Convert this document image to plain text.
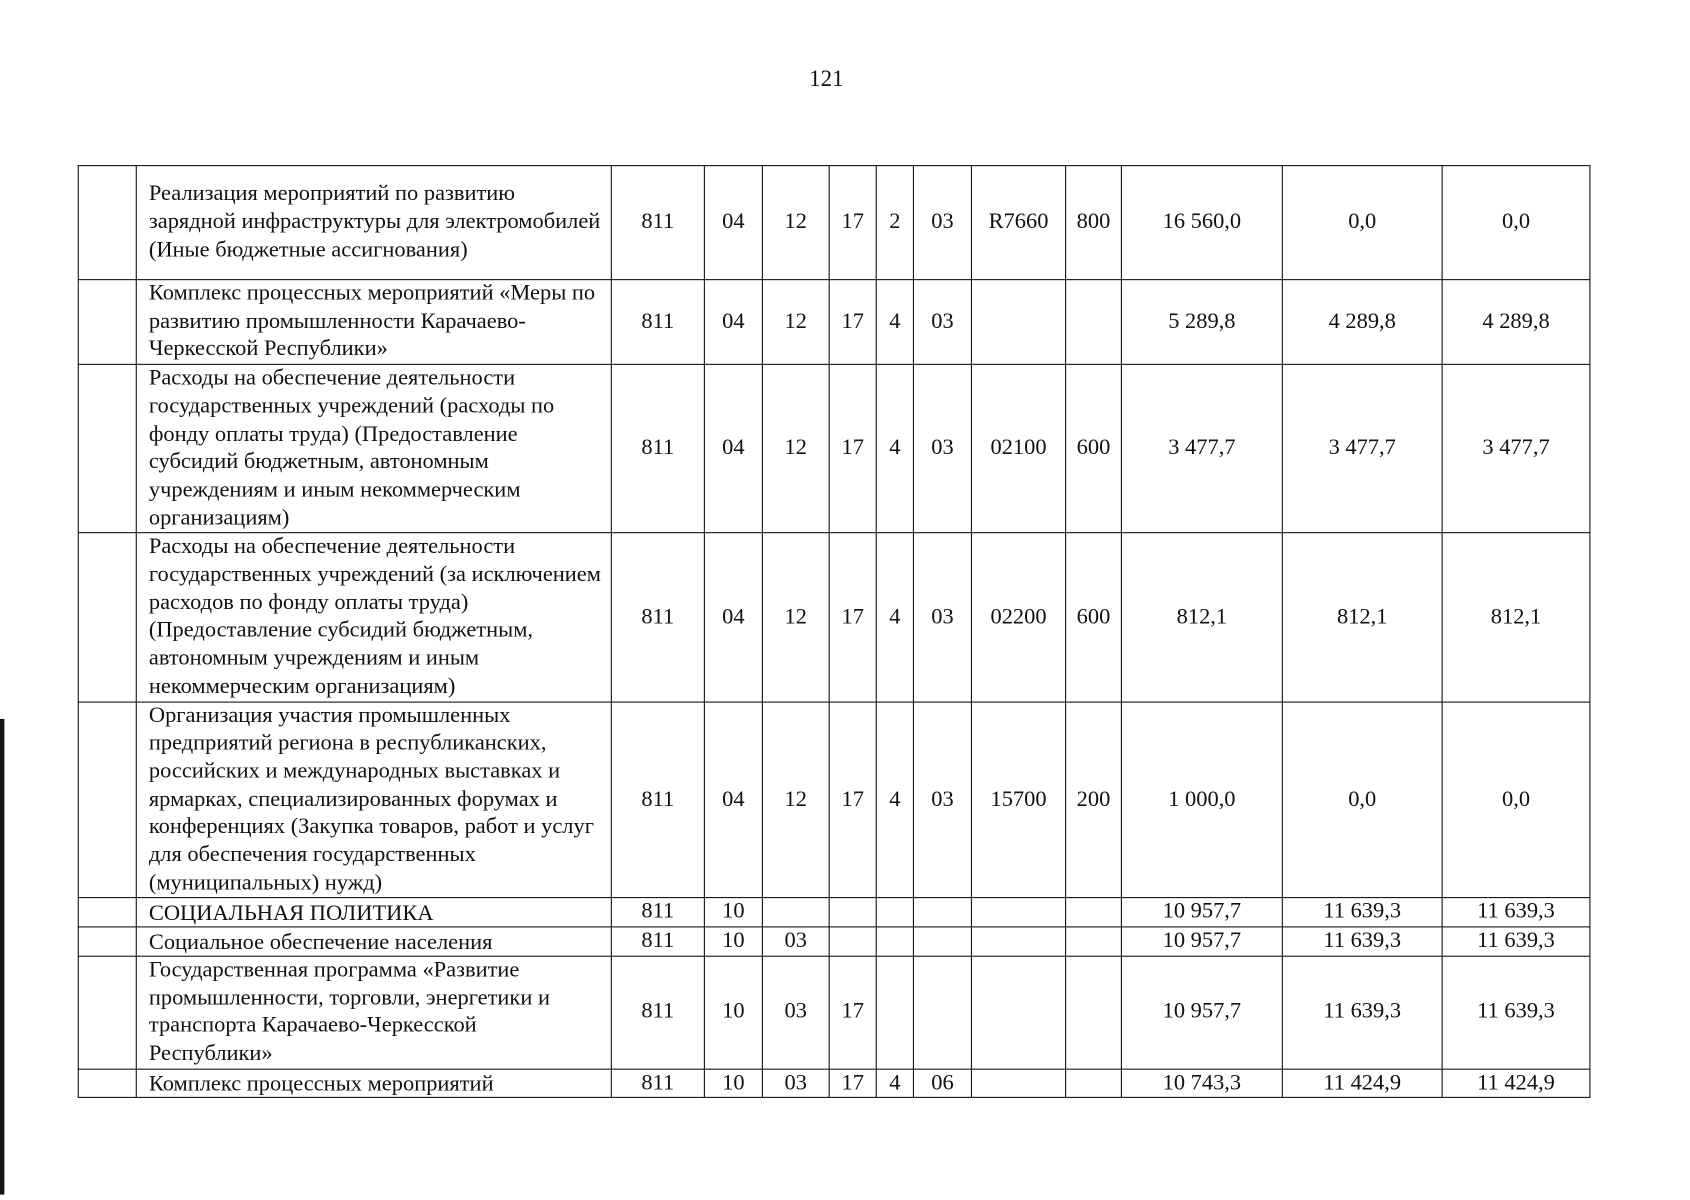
121
	Реализация мероприятий по развитию зарядной инфраструктуры для электромобилей (Иные бюджетные ассигнования)	811	04	12	17	2	03	R7660	800	16 560,0	0,0	0,0
	Комплекс процессных мероприятий «Меры по развитию промышленности Карачаево-Черкесской Республики»	811	04	12	17	4	03			5 289,8	4 289,8	4 289,8
	Расходы на обеспечение деятельности государственных учреждений (расходы по фонду оплаты труда) (Предоставление субсидий бюджетным, автономным учреждениям и иным некоммерческим организациям)	811	04	12	17	4	03	02100	600	3 477,7	3 477,7	3 477,7
	Расходы на обеспечение деятельности государственных учреждений (за исключением расходов по фонду оплаты труда) (Предоставление субсидий бюджетным, автономным учреждениям и иным некоммерческим организациям)	811	04	12	17	4	03	02200	600	812,1	812,1	812,1
	Организация участия промышленных предприятий региона в республиканских, российских и международных выставках и ярмарках, специализированных форумах и конференциях (Закупка товаров, работ и услуг для обеспечения государственных (муниципальных) нужд)	811	04	12	17	4	03	15700	200	1 000,0	0,0	0,0
	СОЦИАЛЬНАЯ ПОЛИТИКА	811	10							10 957,7	11 639,3	11 639,3
	Социальное обеспечение населения	811	10	03						10 957,7	11 639,3	11 639,3
	Государственная программа «Развитие промышленности, торговли, энергетики и транспорта Карачаево-Черкесской Республики»	811	10	03	17					10 957,7	11 639,3	11 639,3
	Комплекс процессных мероприятий	811	10	03	17	4	06			10 743,3	11 424,9	11 424,9
